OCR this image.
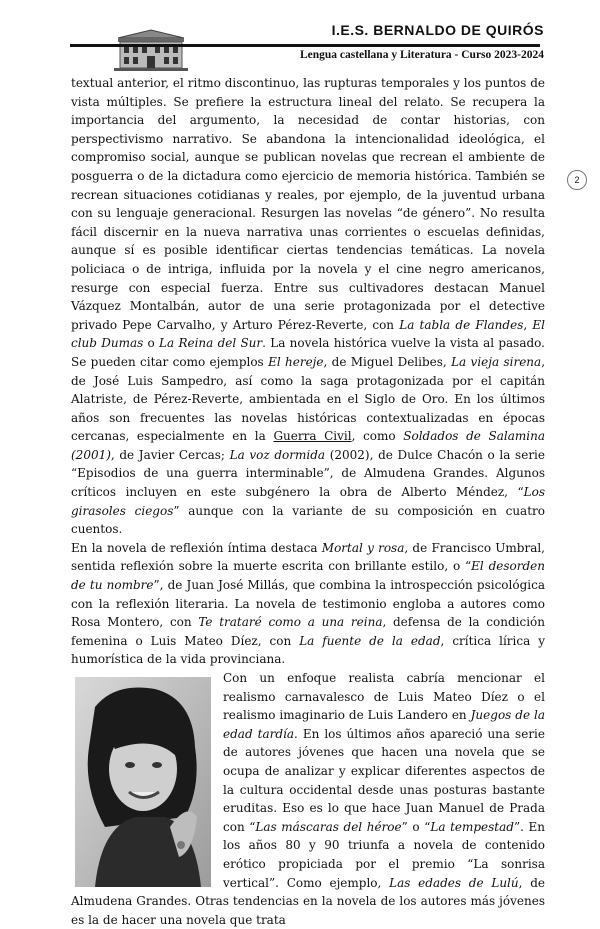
I.E.S. BERNALDO DE QUIRÓS
Lengua castellana y Literatura - Curso 2023-2024
2

textual anterior, el ritmo discontinuo, las rupturas temporales y los puntos de vista múltiples. Se prefiere la estructura lineal del relato. Se recupera la importancia del argumento, la necesidad de contar historias, con perspectivismo narrativo. Se abandona la intencionalidad ideológica, el compromiso social, aunque se publican novelas que recrean el ambiente de posguerra o de la dictadura como ejercicio de memoria histórica. También se recrean situaciones cotidianas y reales, por ejemplo, de la juventud urbana con su lenguaje generacional. Resurgen las novelas “de género”. No resulta fácil discernir en la nueva narrativa unas corrientes o escuelas definidas, aunque sí es posible identificar ciertas tendencias temáticas. La novela policiaca o de intriga, influida por la novela y el cine negro americanos, resurge con especial fuerza. Entre sus cultivadores destacan Manuel Vázquez Montalbán, autor de una serie protagonizada por el detective privado Pepe Carvalho, y Arturo Pérez-Reverte, con La tabla de Flandes, El club Dumas o La Reina del Sur. La novela histórica vuelve la vista al pasado. Se pueden citar como ejemplos El hereje, de Miguel Delibes, La vieja sirena, de José Luis Sampedro, así como la saga protagonizada por el capitán Alatriste, de Pérez-Reverte, ambientada en el Siglo de Oro. En los últimos años son frecuentes las novelas históricas contextualizadas en épocas cercanas, especialmente en la Guerra Civil, como Soldados de Salamina (2001), de Javier Cercas; La voz dormida (2002), de Dulce Chacón o la serie “Episodios de una guerra interminable”, de Almudena Grandes. Algunos críticos incluyen en este subgénero la obra de Alberto Méndez, “Los girasoles ciegos” aunque con la variante de su composición en cuatro cuentos.

En la novela de reflexión íntima destaca Mortal y rosa, de Francisco Umbral, sentida reflexión sobre la muerte escrita con brillante estilo, o “El desorden de tu nombre”, de Juan José Millás, que combina la introspección psicológica con la reflexión literaria. La novela de testimonio engloba a autores como Rosa Montero, con Te trataré como a una reina, defensa de la condición femenina o Luis Mateo Díez, con La fuente de la edad, crítica lírica y humorística de la vida provinciana.

Con un enfoque realista cabría mencionar el realismo carnavalesco de Luis Mateo Díez o el realismo imaginario de Luis Landero en Juegos de la edad tardía. En los últimos años apareció una serie de autores jóvenes que hacen una novela que se ocupa de analizar y explicar diferentes aspectos de la cultura occidental desde unas posturas bastante eruditas. Eso es lo que hace Juan Manuel de Prada con “Las máscaras del héroe” o “La tempestad”. En los años 80 y 90 triunfa a novela de contenido erótico propiciada por el premio “La sonrisa vertical”. Como ejemplo, Las edades de Lulú, de Almudena Grandes. Otras tendencias en la novela de los autores más jóvenes es la de hacer una novela que trata
